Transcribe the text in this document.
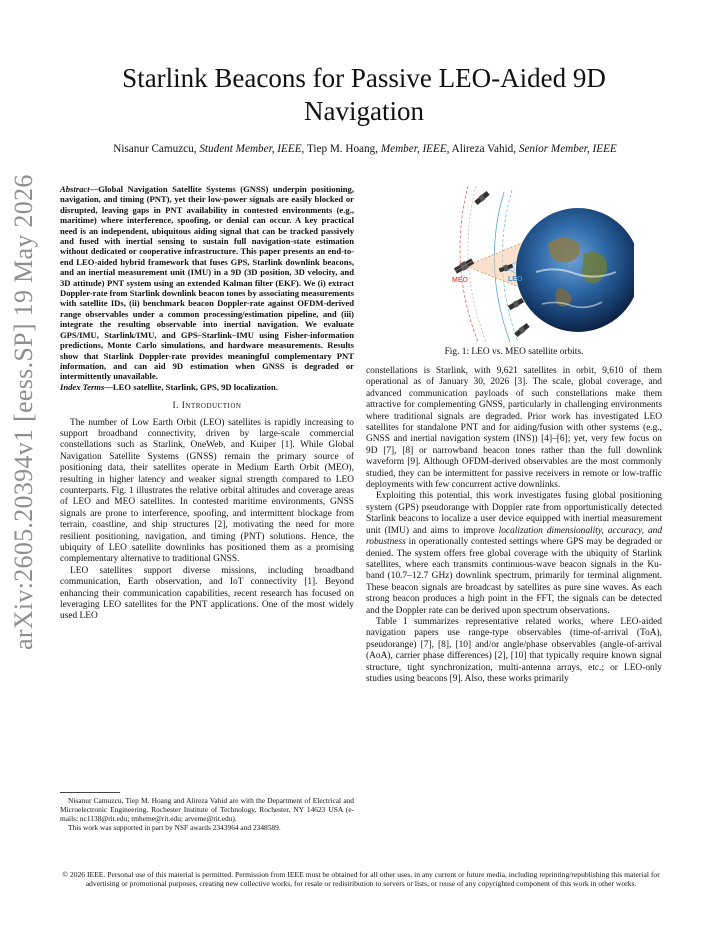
arXiv:2605.20394v1 [eess.SP] 19 May 2026
Starlink Beacons for Passive LEO-Aided 9D Navigation
Nisanur Camuzcu, Student Member, IEEE, Tiep M. Hoang, Member, IEEE, Alireza Vahid, Senior Member, IEEE

Abstract—Global Navigation Satellite Systems (GNSS) underpin positioning, navigation, and timing (PNT), yet their low-power signals are easily blocked or disrupted, leaving gaps in PNT availability in contested environments (e.g., maritime) where interference, spoofing, or denial can occur. A key practical need is an independent, ubiquitous aiding signal that can be tracked passively and fused with inertial sensing to sustain full navigation-state estimation without dedicated or cooperative infrastructure. This paper presents an end-to-end LEO-aided hybrid framework that fuses GPS, Starlink downlink beacons, and an inertial measurement unit (IMU) in a 9D (3D position, 3D velocity, and 3D attitude) PNT system using an extended Kalman filter (EKF). We (i) extract Doppler-rate from Starlink downlink beacon tones by associating measurements with satellite IDs, (ii) benchmark beacon Doppler-rate against OFDM-derived range observables under a common processing/estimation pipeline, and (iii) integrate the resulting observable into inertial navigation. We evaluate GPS/IMU, Starlink/IMU, and GPS–Starlink–IMU using Fisher-information predictions, Monte Carlo simulations, and hardware measurements. Results show that Starlink Doppler-rate provides meaningful complementary PNT information, and can aid 9D estimation when GNSS is degraded or intermittently unavailable.

Index Terms—LEO satellite, Starlink, GPS, 9D localization.

I. Introduction

The number of Low Earth Orbit (LEO) satellites is rapidly increasing to support broadband connectivity, driven by large-scale commercial constellations such as Starlink, OneWeb, and Kuiper [1]. While Global Navigation Satellite Systems (GNSS) remain the primary source of positioning data, their satellites operate in Medium Earth Orbit (MEO), resulting in higher latency and weaker signal strength compared to LEO counterparts. Fig. 1 illustrates the relative orbital altitudes and coverage areas of LEO and MEO satellites. In contested maritime environments, GNSS signals are prone to interference, spoofing, and intermittent blockage from terrain, coastline, and ship structures [2], motivating the need for more resilient positioning, navigation, and timing (PNT) solutions. Hence, the ubiquity of LEO satellite downlinks has positioned them as a promising complementary alternative to traditional GNSS.

LEO satellites support diverse missions, including broadband communication, Earth observation, and IoT connectivity [1]. Beyond enhancing their communication capabilities, recent research has focused on leveraging LEO satellites for the PNT applications. One of the most widely used LEO

Nisanur Camuzcu, Tiep M. Hoang and Alireza Vahid are with the Department of Electrical and Microelectronic Engineering, Rochester Institute of Technology, Rochester, NY 14623 USA (e-mails: nc1138@rit.edu; tmheme@rit.edu; arveme@rit.edu).

This work was supported in part by NSF awards 2343964 and 2348589.

MEO	LEO
Fig. 1: LEO vs. MEO satellite orbits.

constellations is Starlink, with 9,621 satellites in orbit, 9,610 of them operational as of January 30, 2026 [3]. The scale, global coverage, and advanced communication payloads of such constellations make them attractive for complementing GNSS, particularly in challenging environments where traditional signals are degraded. Prior work has investigated LEO satellites for standalone PNT and for aiding/fusion with other systems (e.g., GNSS and inertial navigation system (INS)) [4]–[6]; yet, very few focus on 9D [7], [8] or narrowband beacon tones rather than the full downlink waveform [9]. Although OFDM-derived observables are the most commonly studied, they can be intermittent for passive receivers in remote or low-traffic deployments with few concurrent active downlinks.

Exploiting this potential, this work investigates fusing global positioning system (GPS) pseudorange with Doppler rate from opportunistically detected Starlink beacons to localize a user device equipped with inertial measurement unit (IMU) and aims to improve localization dimensionality, accuracy, and robustness in operationally contested settings where GPS may be degraded or denied. The system offers free global coverage with the ubiquity of Starlink satellites, where each transmits continuous-wave beacon signals in the Ku-band (10.7–12.7 GHz) downlink spectrum, primarily for terminal alignment. These beacon signals are broadcast by satellites as pure sine waves. As each strong beacon produces a high point in the FFT, the signals can be detected and the Doppler rate can be derived upon spectrum observations.

Table I summarizes representative related works, where LEO-aided navigation papers use range-type observables (time-of-arrival (ToA), pseudorange) [7], [8], [10] and/or angle/phase observables (angle-of-arrival (AoA), carrier phase differences) [2], [10] that typically require known signal structure, tight synchronization, multi-antenna arrays, etc.; or LEO-only studies using beacons [9]. Also, these works primarily

© 2026 IEEE. Personal use of this material is permitted. Permission from IEEE must be obtained for all other uses, in any current or future media, including reprinting/republishing this material for advertising or promotional purposes, creating new collective works, for resale or redistribution to servers or lists, or reuse of any copyrighted component of this work in other works.
